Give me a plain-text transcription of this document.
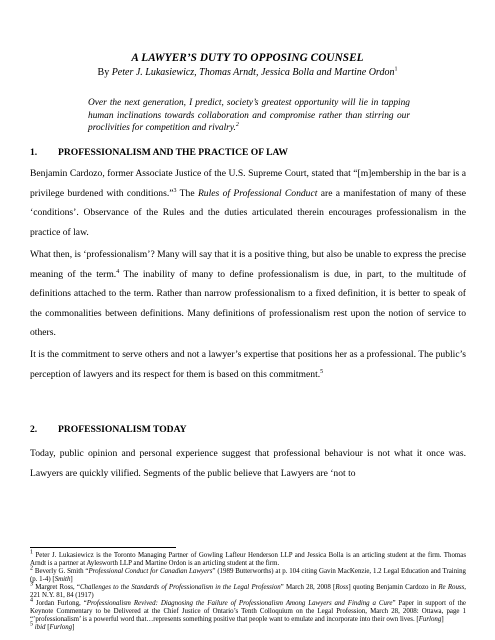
A LAWYER’S DUTY TO OPPOSING COUNSEL
By Peter J. Lukasiewicz, Thomas Arndt, Jessica Bolla and Martine Ordon$^1$
Over the next generation, I predict, society’s greatest opportunity will lie in tapping human inclinations towards collaboration and compromise rather than stirring our proclivities for competition and rivalry.$^2$
1. PROFESSIONALISM AND THE PRACTICE OF LAW
Benjamin Cardozo, former Associate Justice of the U.S. Supreme Court, stated that “[m]embership in the bar is a privilege burdened with conditions.”$^3$ The Rules of Professional Conduct are a manifestation of many of these ‘conditions’. Observance of the Rules and the duties articulated therein encourages professionalism in the practice of law.
What then, is ‘professionalism’? Many will say that it is a positive thing, but also be unable to express the precise meaning of the term.$^4$ The inability of many to define professionalism is due, in part, to the multitude of definitions attached to the term. Rather than narrow professionalism to a fixed definition, it is better to speak of the commonalities between definitions. Many definitions of professionalism rest upon the notion of service to others.
It is the commitment to serve others and not a lawyer’s expertise that positions her as a professional. The public’s perception of lawyers and its respect for them is based on this commitment.$^5$
2. PROFESSIONALISM TODAY
Today, public opinion and personal experience suggest that professional behaviour is not what it once was. Lawyers are quickly vilified. Segments of the public believe that Lawyers are ‘not to

$^1$ Peter J. Lukasiewicz is the Toronto Managing Partner of Gowling Lafleur Henderson LLP and Jessica Bolla is an articling student at the firm. Thomas Arndt is a partner at Aylesworth LLP and Martine Ordon is an articling student at the firm.

$^2$ Beverly G. Smith “Professional Conduct for Canadian Lawyers” (1989 Butterworths) at p. 104 citing Gavin MacKenzie, 1.2 Legal Education and Training (p. 1-4) [Smith]

$^3$ Margret Ross, “Challenges to the Standards of Professionalism in the Legal Profession” March 28, 2008 [Ross] quoting Benjamin Cardozo in Re Rouss, 221 N.Y. 81, 84 (1917)

$^4$ Jordan Furlong, “Professionalism Revived: Diagnosing the Failure of Professionalism Among Lawyers and Finding a Cure” Paper in support of the Keynote Commentary to be Delivered at the Chief Justice of Ontario’s Tenth Colloquium on the Legal Profession, March 28, 2008: Ottawa, page 1 “’professionalism’ is a powerful word that…represents something positive that people want to emulate and incorporate into their own lives. [Furlong]

$^5$ ibid [Furlong]
